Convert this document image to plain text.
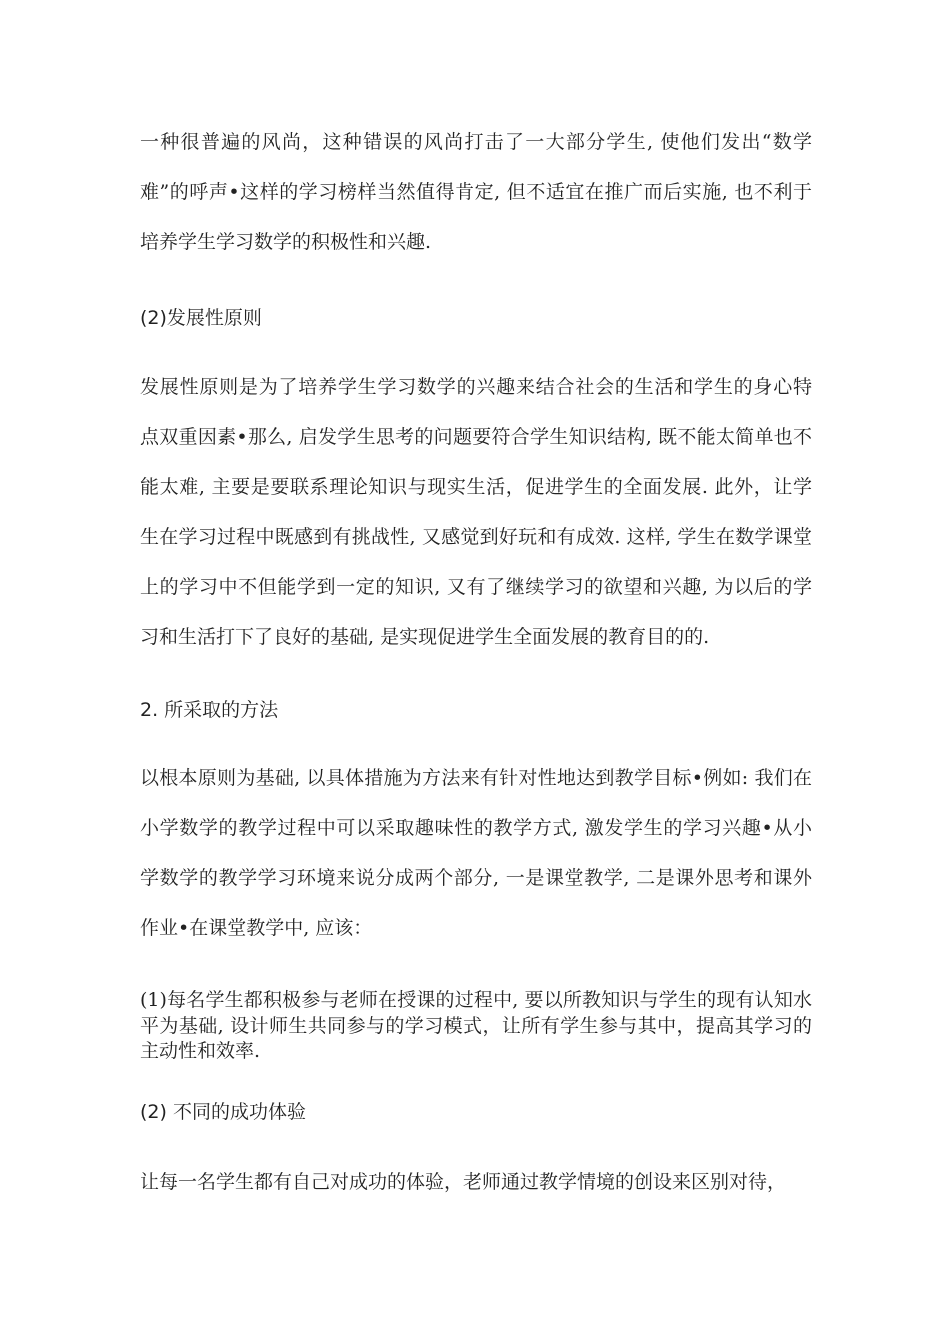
一种很普遍的风尚，这种错误的风尚打击了一大部分学生, 使他们发出“数学
难”的呼声•这样的学习榜样当然值得肯定, 但不适宜在推广而后实施, 也不利于
培养学生学习数学的积极性和兴趣.
(2)发展性原则
发展性原则是为了培养学生学习数学的兴趣来结合社会的生活和学生的身心特
点双重因素•那么, 启发学生思考的问题要符合学生知识结构, 既不能太简单也不
能太难, 主要是要联系理论知识与现实生活，促进学生的全面发展. 此外，让学
生在学习过程中既感到有挑战性, 又感觉到好玩和有成效. 这样, 学生在数学课堂
上的学习中不但能学到一定的知识, 又有了继续学习的欲望和兴趣, 为以后的学
习和生活打下了良好的基础, 是实现促进学生全面发展的教育目的的.
2. 所采取的方法
以根本原则为基础, 以具体措施为方法来有针对性地达到教学目标•例如: 我们在
小学数学的教学过程中可以采取趣味性的教学方式, 激发学生的学习兴趣•从小
学数学的教学学习环境来说分成两个部分, 一是课堂教学, 二是课外思考和课外
作业•在课堂教学中, 应该：
(1)每名学生都积极参与老师在授课的过程中, 要以所教知识与学生的现有认知水
平为基础, 设计师生共同参与的学习模式，让所有学生参与其中，提高其学习的
主动性和效率.
(2) 不同的成功体验
让每一名学生都有自己对成功的体验，老师通过教学情境的创设来区别对待，
